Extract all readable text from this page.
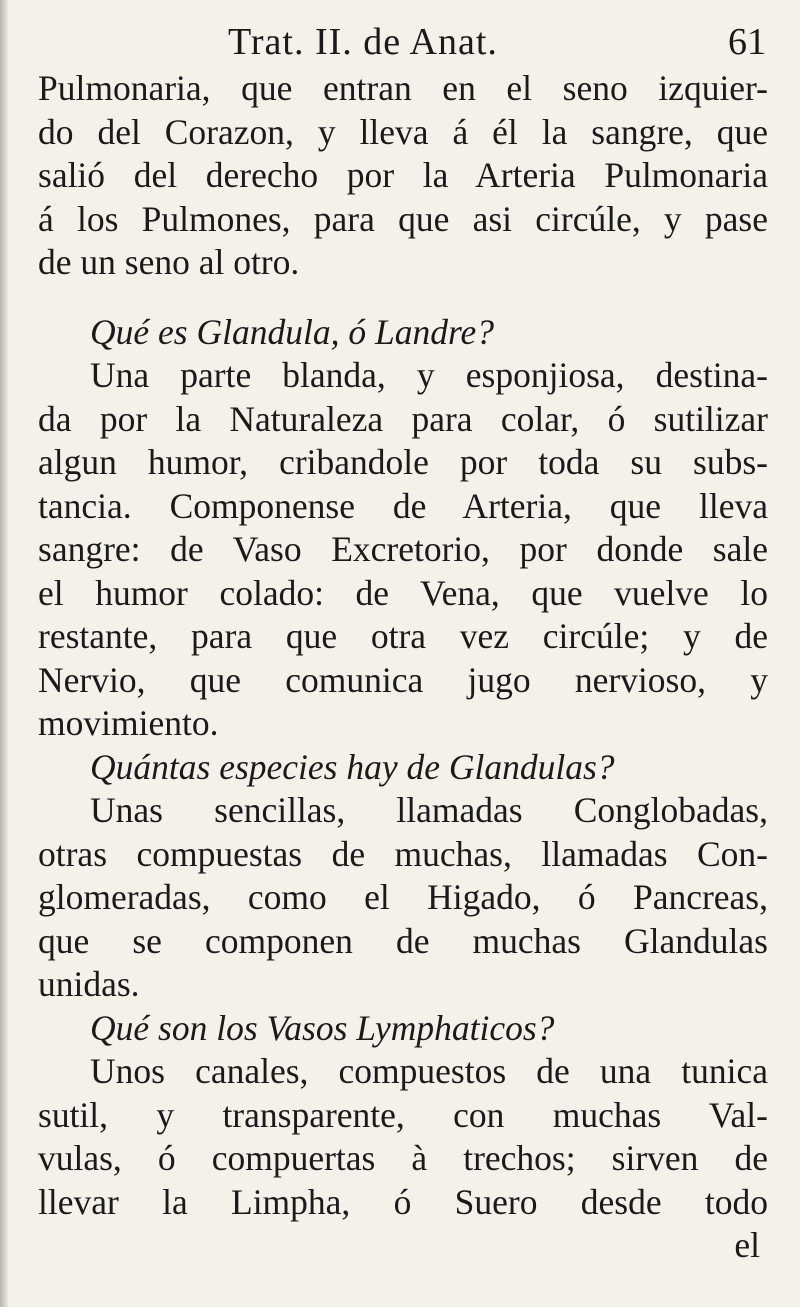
Trat. II. de Anat.	61
Pulmonaria, que entran en el seno izquier-
do del Corazon, y lleva á él la sangre, que
salió del derecho por la Arteria Pulmonaria
á los Pulmones, para que asi circúle, y pase
de un seno al otro.
Qué es Glandula, ó Landre?
Una parte blanda, y esponjiosa, destina-
da por la Naturaleza para colar, ó sutilizar
algun humor, cribandole por toda su subs-
tancia. Componense de Arteria, que lleva
sangre: de Vaso Excretorio, por donde sale
el humor colado: de Vena, que vuelve lo
restante, para que otra vez circúle; y de
Nervio, que comunica jugo nervioso, y
movimiento.
Quántas especies hay de Glandulas?
Unas sencillas, llamadas Conglobadas,
otras compuestas de muchas, llamadas Con-
glomeradas, como el Higado, ó Pancreas,
que se componen de muchas Glandulas
unidas.
Qué son los Vasos Lymphaticos?
Unos canales, compuestos de una tunica
sutil, y transparente, con muchas Val-
vulas, ó compuertas à trechos; sirven de
llevar la Limpha, ó Suero desde todo
el
